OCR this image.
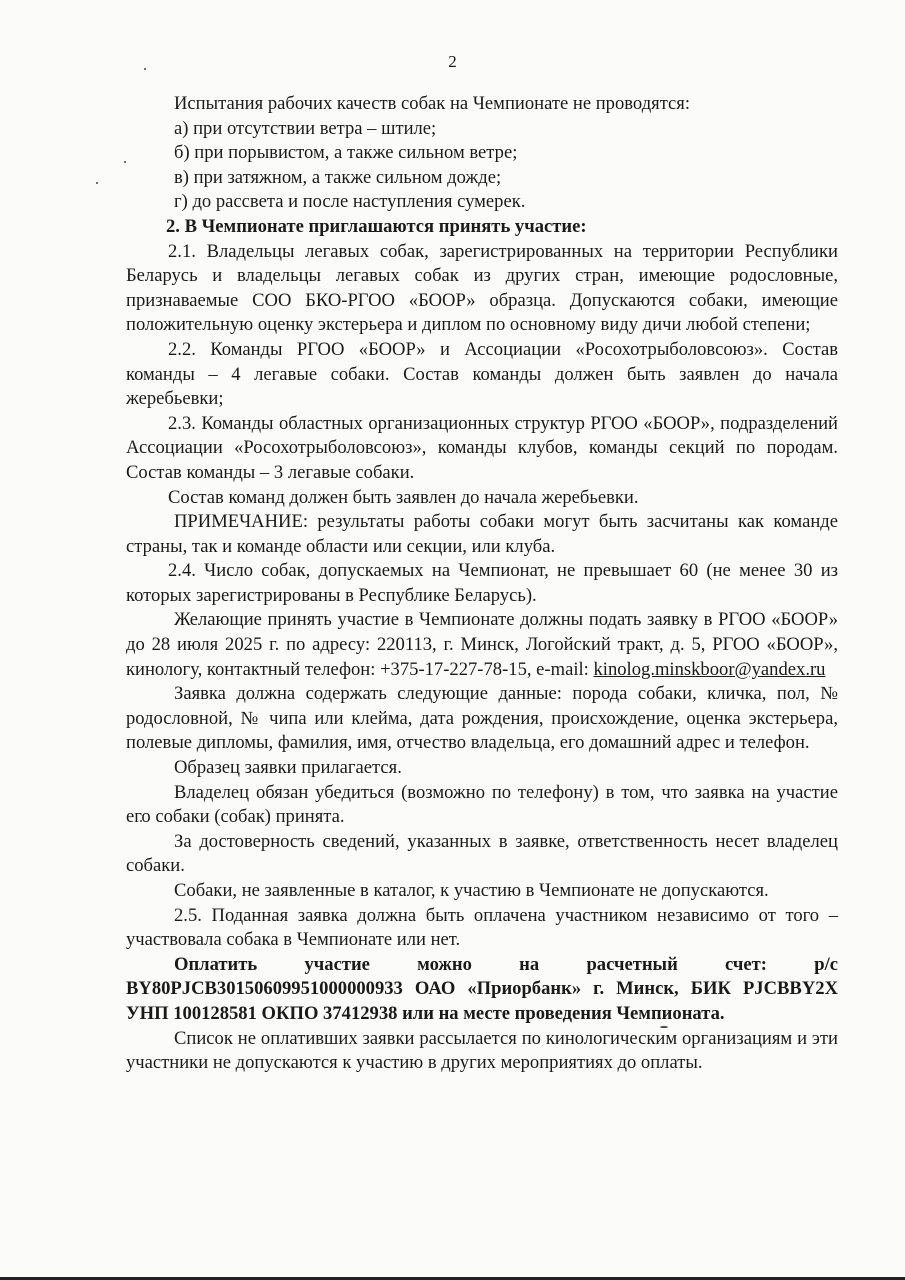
2

Испытания рабочих качеств собак на Чемпионате не проводятся:

а) при отсутствии ветра – штиле;

б) при порывистом, а также сильном ветре;

в) при затяжном, а также сильном дожде;

г) до рассвета и после наступления сумерек.

2. В Чемпионате приглашаются принять участие:

2.1. Владельцы легавых собак, зарегистрированных на территории Республики Беларусь и владельцы легавых собак из других стран, имеющие родословные, признаваемые СОО БКО-РГОО «БООР» образца. Допускаются собаки, имеющие положительную оценку экстерьера и диплом по основному виду дичи любой степени;

2.2. Команды РГОО «БООР» и Ассоциации «Росохотрыболовсоюз». Состав команды – 4 легавые собаки. Состав команды должен быть заявлен до начала жеребьевки;

2.3. Команды областных организационных структур РГОО «БООР», подразделений Ассоциации «Росохотрыболовсоюз», команды клубов, команды секций по породам. Состав команды – 3 легавые собаки.

Состав команд должен быть заявлен до начала жеребьевки.

ПРИМЕЧАНИЕ: результаты работы собаки могут быть засчитаны как команде страны, так и команде области или секции, или клуба.

2.4. Число собак, допускаемых на Чемпионат, не превышает 60 (не менее 30 из которых зарегистрированы в Республике Беларусь).

Желающие принять участие в Чемпионате должны подать заявку в РГОО «БООР» до 28 июля 2025 г. по адресу: 220113, г. Минск, Логойский тракт, д. 5, РГОО «БООР», кинологу, контактный телефон: +375-17-227-78-15, e-mail: kinolog.minskboor@yandex.ru

Заявка должна содержать следующие данные: порода собаки, кличка, пол, № родословной, № чипа или клейма, дата рождения, происхождение, оценка экстерьера, полевые дипломы, фамилия, имя, отчество владельца, его домашний адрес и телефон.

Образец заявки прилагается.

Владелец обязан убедиться (возможно по телефону) в том, что заявка на участие его собаки (собак) принята.

За достоверность сведений, указанных в заявке, ответственность несет владелец собаки.

Собаки, не заявленные в каталог, к участию в Чемпионате не допускаются.

2.5. Поданная заявка должна быть оплачена участником независимо от того – участвовала собака в Чемпионате или нет.

Оплатить участие можно на расчетный счет: р/с BY80PJCB30150609951000000933 ОАО «Приорбанк» г. Минск, БИК PJCBBY2X УНП 100128581 ОКПО 37412938 или на месте проведения Чемпионата.

Список не оплативших заявки рассылается по кинологическим организациям и эти участники не допускаются к участию в других мероприятиях до оплаты.
